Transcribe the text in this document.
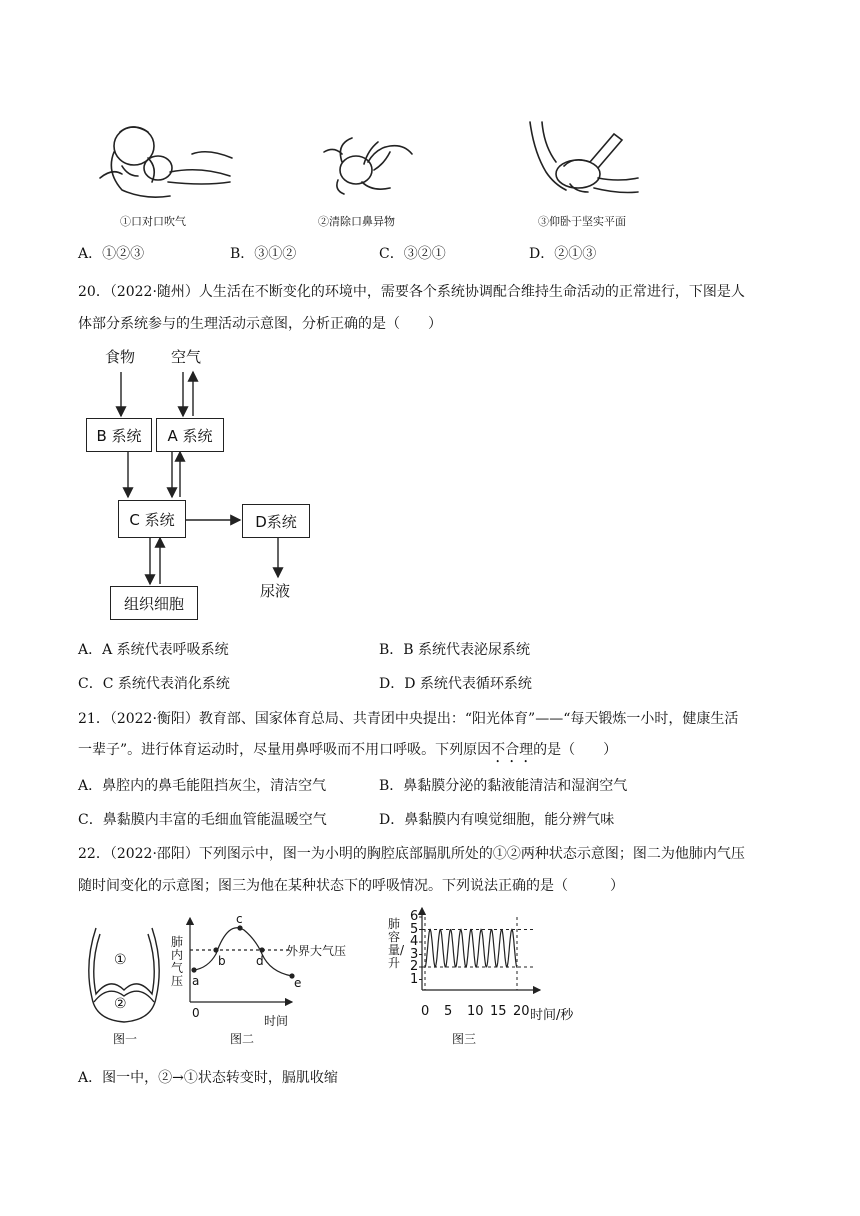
①口对口吹气	②清除口鼻异物	③仰卧于坚实平面
A．①②③	B．③①②	C．③②①	D．②①③
20．（2022·随州）人生活在不断变化的环境中，需要各个系统协调配合维持生命活动的正常进行，下图是人
体部分系统参与的生理活动示意图，分析正确的是（　　）
食物 空气
B 系统	A 系统
C 系统	D系统
组织细胞
尿液
A．A 系统代表呼吸系统	B．B 系统代表泌尿系统
C．C 系统代表消化系统	D．D 系统代表循环系统
21．（2022·衡阳）教育部、国家体育总局、共青团中央提出：“阳光体育”——“每天锻炼一小时，健康生活
一辈子”。进行体育运动时，尽量用鼻呼吸而不用口呼吸。下列原因不合理的是（　　）
A．鼻腔内的鼻毛能阻挡灰尘，清洁空气	B．鼻黏膜分泌的黏液能清洁和湿润空气
C．鼻黏膜内丰富的毛细血管能温暖空气	D．鼻黏膜内有嗅觉细胞，能分辨气味
22．（2022·邵阳）下列图示中，图一为小明的胸腔底部膈肌所处的①②两种状态示意图；图二为他肺内气压
随时间变化的示意图；图三为他在某种状态下的呼吸情况。下列说法正确的是（　　　）
①
②
图一
肺内气压
外界大气压
a
b
c
d
e
0
时间
图二
肺容量/升
1
2
3
4
5
6
0 5 10 15 20 时间/秒
图三
A．图一中，②→①状态转变时，膈肌收缩
